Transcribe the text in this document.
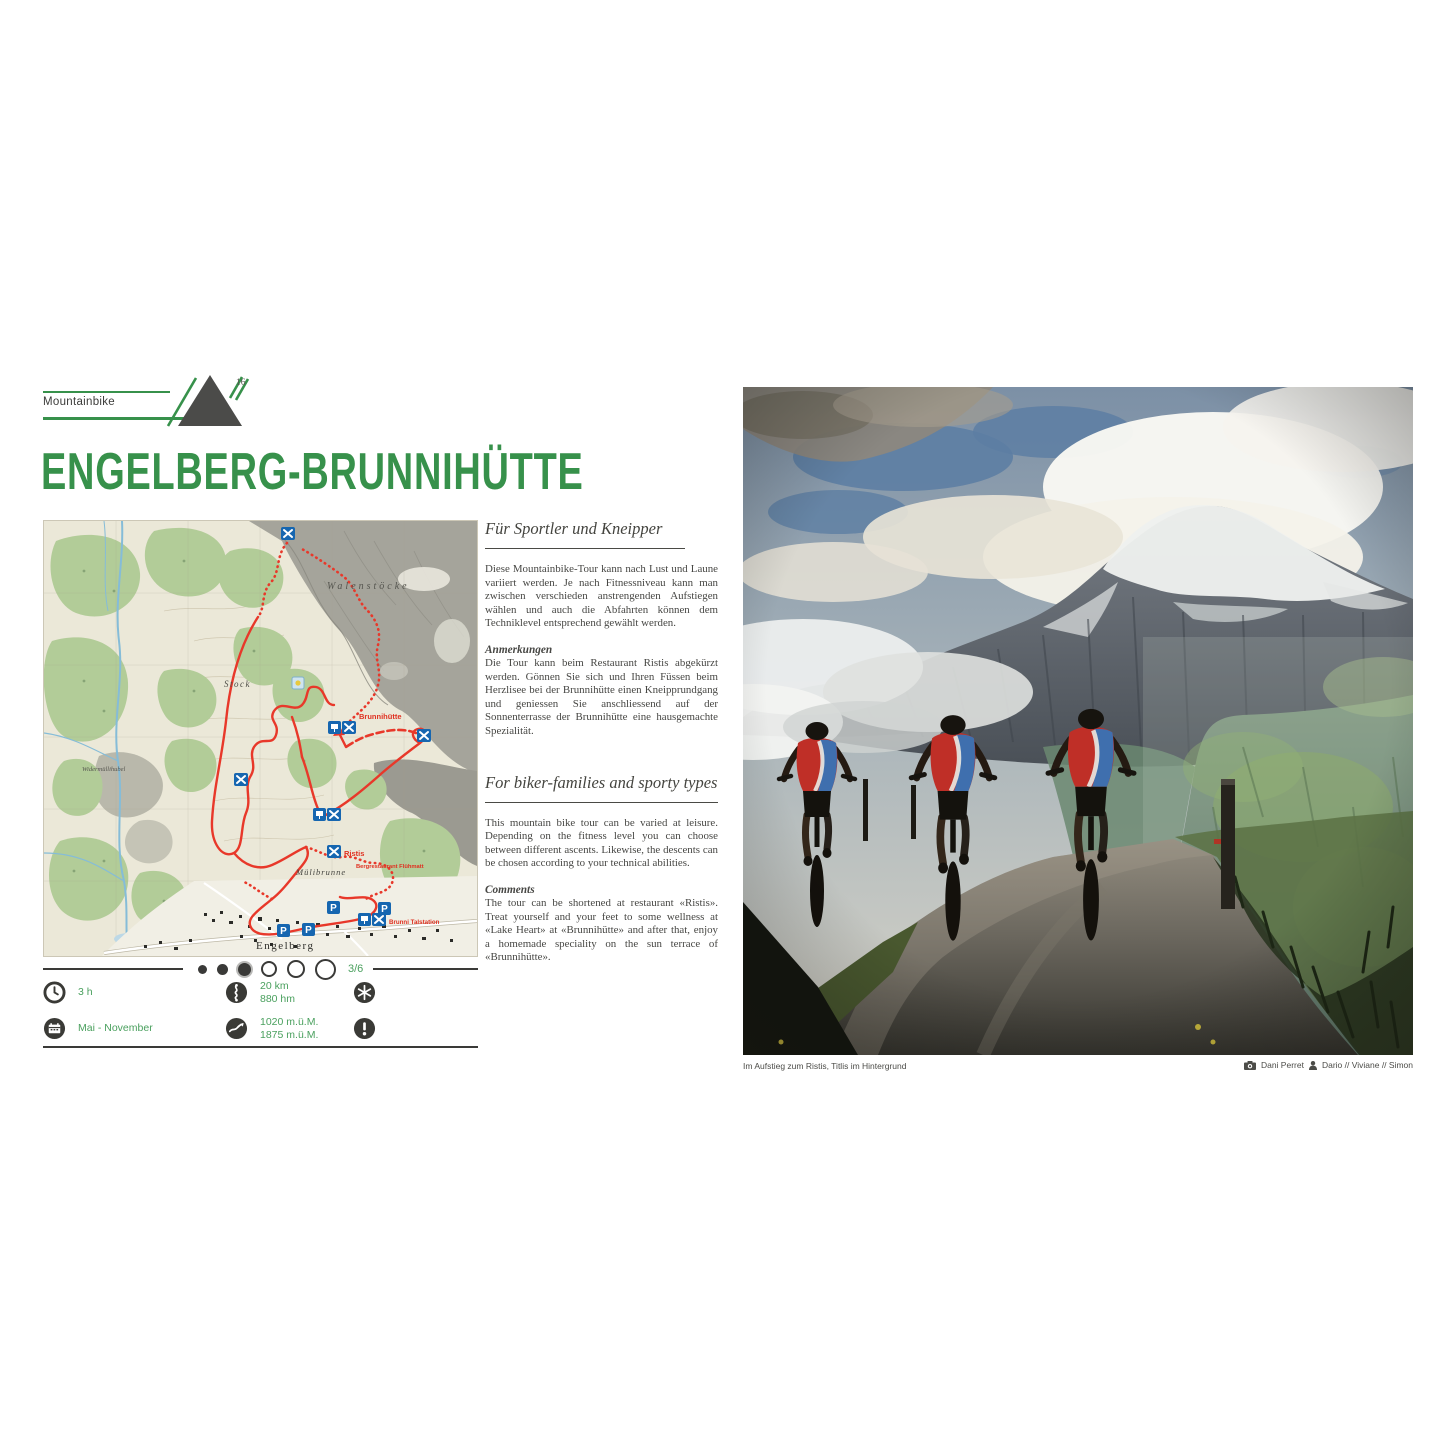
Mountainbike
16
ENGELBERG-BRUNNIHÜTTE
P	P
P P
Walenstöcke
Stock
Widermüllihubel
Mülibrunne
Engelberg
Brunnihütte
Ristis
Bergrestaurant Flühmatt
Brunni Talstation
3/6
3 h
20 km
880 hm
Mai - November
1020 m.ü.M.
1875 m.ü.M.
Für Sportler und Kneipper

Diese Mountainbike-Tour kann nach Lust und Laune variiert werden. Je nach Fitnessniveau kann man zwischen verschieden anstrengenden Aufstiegen wählen und auch die Abfahrten können dem Techniklevel entsprechend gewählt werden.

Anmerkungen

Die Tour kann beim Restaurant Ristis abgekürzt werden. Gönnen Sie sich und Ihren Füssen beim Herzlisee bei der Brunnihütte einen Kneipprundgang und geniessen Sie anschliessend auf der Sonnenterrasse der Brunnihütte eine hausgemachte Spezialität.

For biker-families and sporty types

This mountain bike tour can be varied at leisure. Depending on the fitness level you can choose between different ascents. Likewise, the descents can be chosen according to your technical abilities.

Comments

The tour can be shortened at restaurant «Ristis». Treat yourself and your feet to some wellness at «Lake Heart» at «Brunnihütte» and after that, enjoy a homemade speciality on the sun terrace of «Brunnihütte».

Im Aufstieg zum Ristis, Titlis im Hintergrund	Dani Perret Dario // Viviane // Simon
